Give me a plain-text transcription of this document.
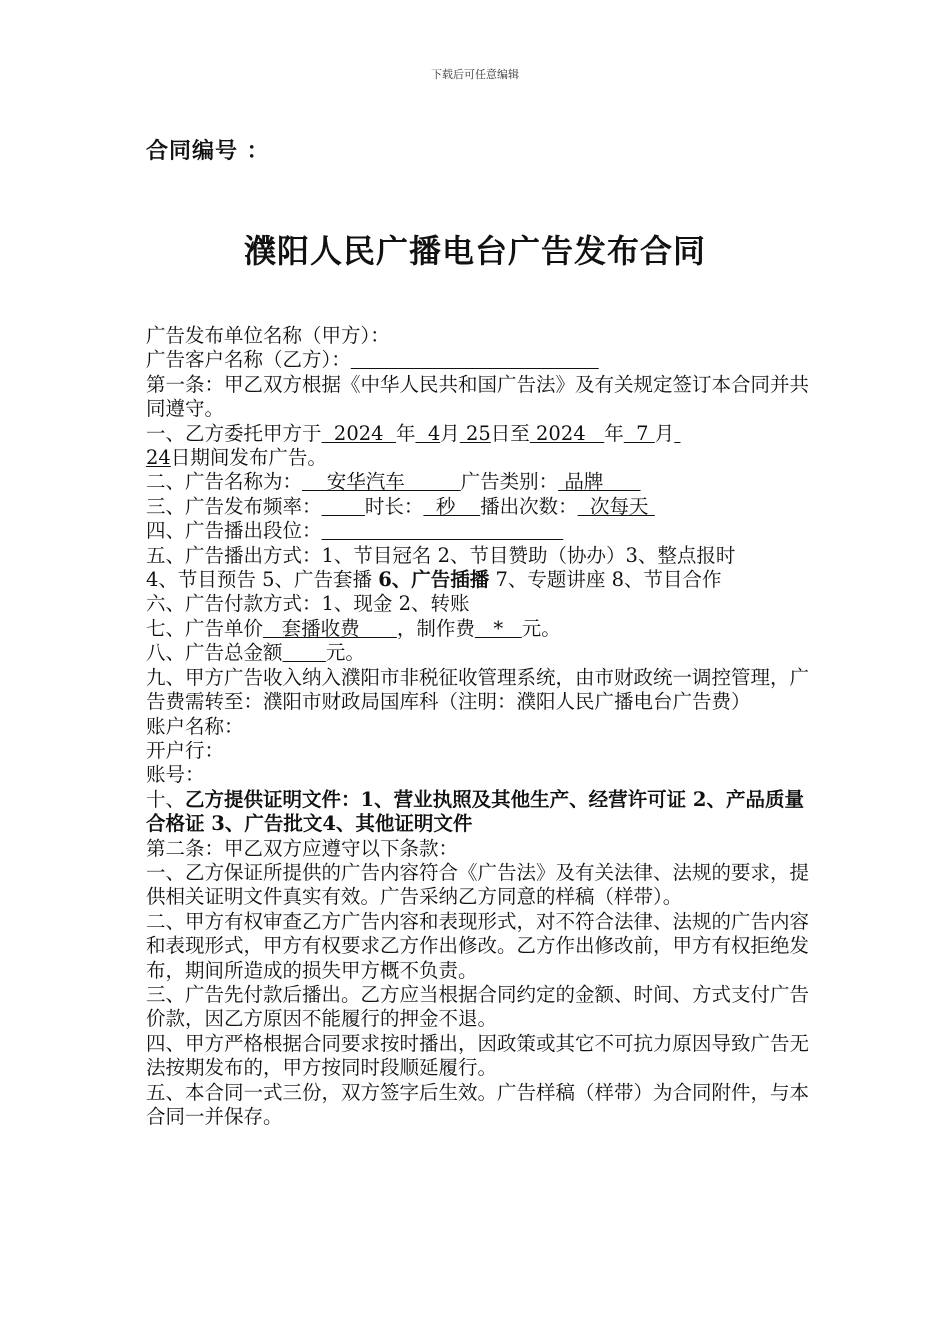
下载后可任意编辑
合同编号 ：
濮阳人民广播电台广告发布合同
广告发布单位名称（甲方）：
广告客户名称（乙方）：
第一条：甲乙双方根据《中华人民共和国广告法》及有关规定签订本合同并共同遵守。
一、乙方委托甲方于  2024  年  4月 25日至 2024   年  7 月
24日期间发布广告。
二、广告名称为：    安华汽车         广告类别： 品牌
三、广告发布频率： 时长：  秒    播出次数：  次每天
四、广告播出段位：
五、广告播出方式：1、节目冠名 2、节目赞助（协办）3、整点报时
4、节目预告 5、广告套播 6、广告插播 7、专题讲座 8、节目合作
六、广告付款方式：1、现金 2、转账
七、广告单价   套播收费      ，制作费   *   元。
八、广告总金额 元。
九、甲方广告收入纳入濮阳市非税征收管理系统，由市财政统一调控管理，广告费需转至：濮阳市财政局国库科（注明：濮阳人民广播电台广告费）
账户名称：
开户行：
账号：
十、乙方提供证明文件：1、营业执照及其他生产、经营许可证 2、产品质量合格证 3、广告批文4、其他证明文件
第二条：甲乙双方应遵守以下条款：
一、乙方保证所提供的广告内容符合《广告法》及有关法律、法规的要求，提供相关证明文件真实有效。广告采纳乙方同意的样稿（样带）。
二、甲方有权审查乙方广告内容和表现形式，对不符合法律、法规的广告内容和表现形式，甲方有权要求乙方作出修改。乙方作出修改前，甲方有权拒绝发布，期间所造成的损失甲方概不负责。
三、广告先付款后播出。乙方应当根据合同约定的金额、时间、方式支付广告价款，因乙方原因不能履行的押金不退。
四、甲方严格根据合同要求按时播出，因政策或其它不可抗力原因导致广告无法按期发布的，甲方按同时段顺延履行。
五、本合同一式三份，双方签字后生效。广告样稿（样带）为合同附件，与本合同一并保存。
